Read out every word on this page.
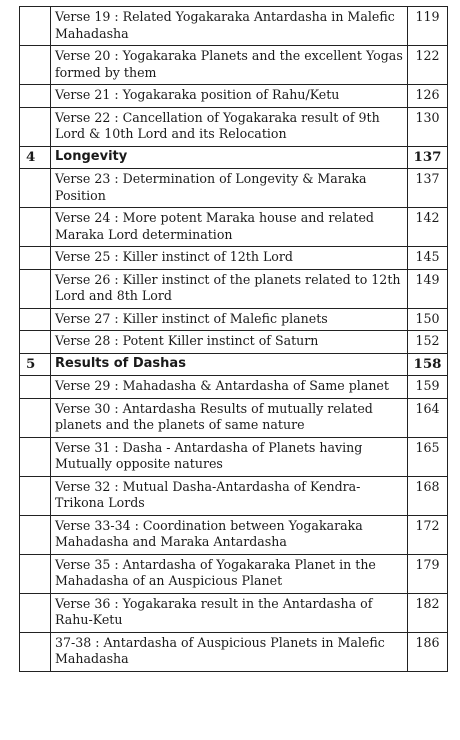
	Verse 19 : Related Yogakaraka Antardasha in Malefic Mahadasha	119
	Verse 20 : Yogakaraka Planets and the excellent Yogas formed by them	122
	Verse 21 : Yogakaraka position of Rahu/Ketu	126
	Verse 22 : Cancellation of Yogakaraka result of 9th Lord & 10th Lord and its Relocation	130
4	Longevity	137
	Verse 23 : Determination of Longevity & Maraka Position	137
	Verse 24 : More potent Maraka house and related Maraka Lord determination	142
	Verse 25 : Killer instinct of 12th Lord	145
	Verse 26 : Killer instinct of the planets related to 12th Lord and 8th Lord	149
	Verse 27 : Killer instinct of Malefic planets	150
	Verse 28 : Potent Killer instinct of Saturn	152
5	Results of Dashas	158
	Verse 29 : Mahadasha & Antardasha of Same planet	159
	Verse 30 : Antardasha Results of mutually related planets and the planets of same nature	164
	Verse 31 : Dasha - Antardasha of Planets having Mutually opposite natures	165
	Verse 32 : Mutual Dasha-Antardasha of Kendra-Trikona Lords	168
	Verse 33-34 : Coordination between Yogakaraka Mahadasha and Maraka Antardasha	172
	Verse 35 : Antardasha of Yogakaraka Planet in the Mahadasha of an Auspicious Planet	179
	Verse 36 : Yogakaraka result in the Antardasha of Rahu-Ketu	182
	37-38 : Antardasha of Auspicious Planets in Malefic Mahadasha	186
